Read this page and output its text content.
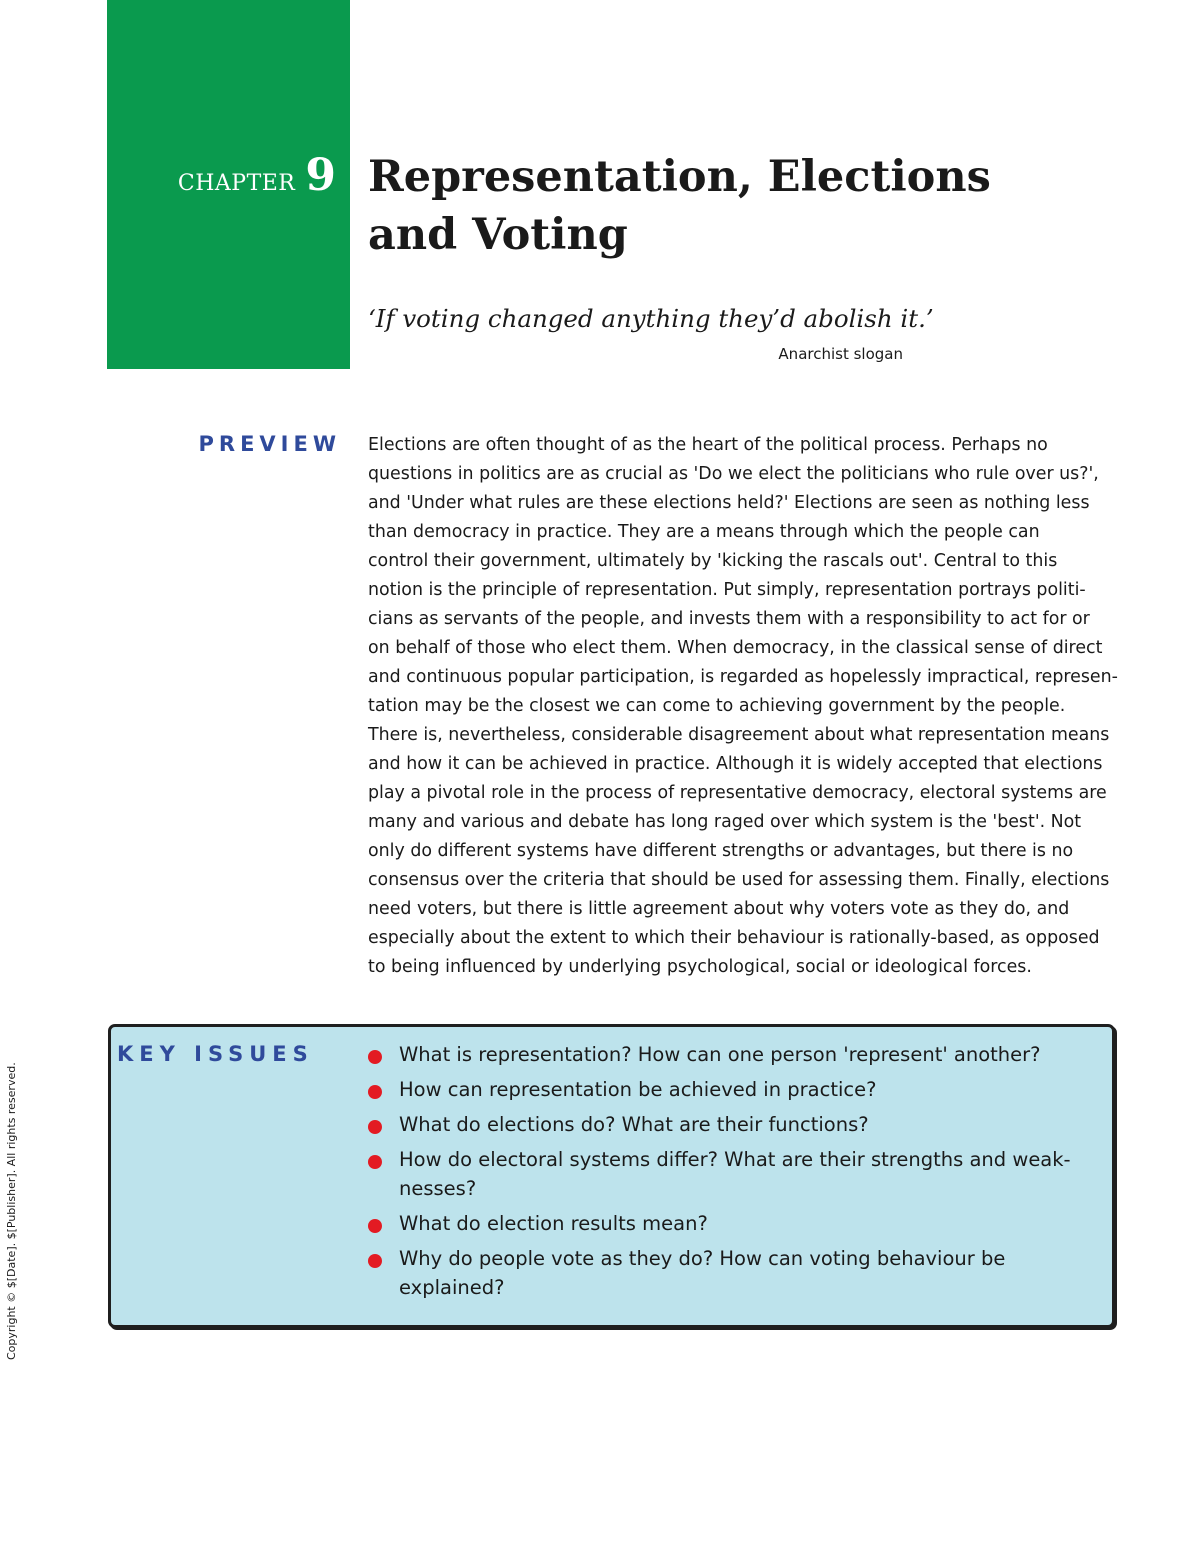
CHAPTER 9 Representation, Elections
and Voting
‘If voting changed anything they’d abolish it.’
Anarchist slogan
PREVIEW Elections are often thought of as the heart of the political process. Perhaps no
questions in politics are as crucial as 'Do we elect the politicians who rule over us?',
and 'Under what rules are these elections held?' Elections are seen as nothing less
than democracy in practice. They are a means through which the people can
control their government, ultimately by 'kicking the rascals out'. Central to this
notion is the principle of representation. Put simply, representation portrays politi-
cians as servants of the people, and invests them with a responsibility to act for or
on behalf of those who elect them. When democracy, in the classical sense of direct
and continuous popular participation, is regarded as hopelessly impractical, represen-
tation may be the closest we can come to achieving government by the people.
There is, nevertheless, considerable disagreement about what representation means
and how it can be achieved in practice. Although it is widely accepted that elections
play a pivotal role in the process of representative democracy, electoral systems are
many and various and debate has long raged over which system is the 'best'. Not
only do different systems have different strengths or advantages, but there is no
consensus over the criteria that should be used for assessing them. Finally, elections
need voters, but there is little agreement about why voters vote as they do, and
especially about the extent to which their behaviour is rationally-based, as opposed
to being influenced by underlying psychological, social or ideological forces.
KEY ISSUES	What is representation? How can one person 'represent' another?
How can representation be achieved in practice?
What do elections do? What are their functions?
How do electoral systems differ? What are their strengths and weak-
nesses?
What do election results mean?
Why do people vote as they do? How can voting behaviour be
explained?
Copyright © $[Date]. $[Publisher]. All rights reserved.
